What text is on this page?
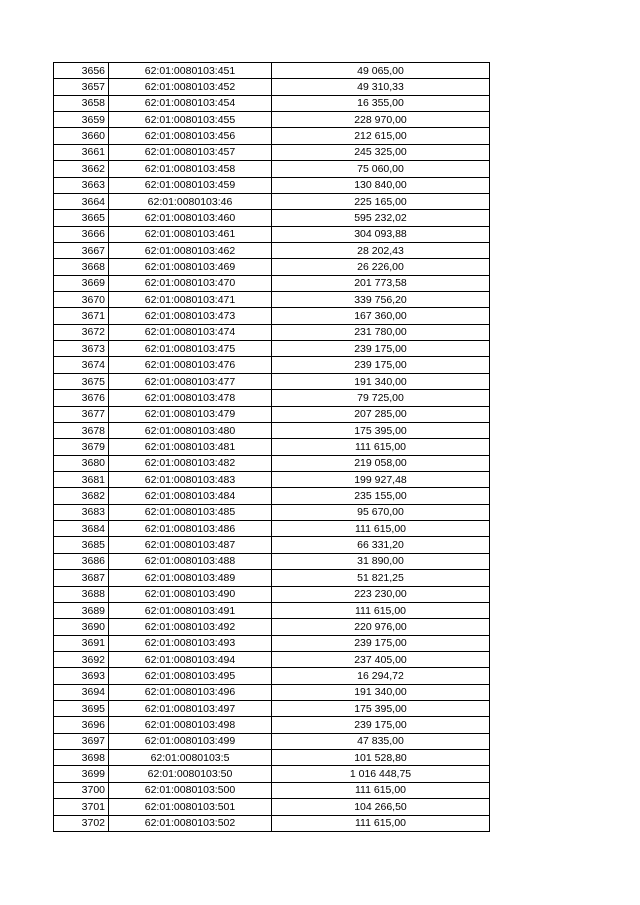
3656	62:01:0080103:451	49 065,00
3657	62:01:0080103:452	49 310,33
3658	62:01:0080103:454	16 355,00
3659	62:01:0080103:455	228 970,00
3660	62:01:0080103:456	212 615,00
3661	62:01:0080103:457	245 325,00
3662	62:01:0080103:458	75 060,00
3663	62:01:0080103:459	130 840,00
3664	62:01:0080103:46	225 165,00
3665	62:01:0080103:460	595 232,02
3666	62:01:0080103:461	304 093,88
3667	62:01:0080103:462	28 202,43
3668	62:01:0080103:469	26 226,00
3669	62:01:0080103:470	201 773,58
3670	62:01:0080103:471	339 756,20
3671	62:01:0080103:473	167 360,00
3672	62:01:0080103:474	231 780,00
3673	62:01:0080103:475	239 175,00
3674	62:01:0080103:476	239 175,00
3675	62:01:0080103:477	191 340,00
3676	62:01:0080103:478	79 725,00
3677	62:01:0080103:479	207 285,00
3678	62:01:0080103:480	175 395,00
3679	62:01:0080103:481	111 615,00
3680	62:01:0080103:482	219 058,00
3681	62:01:0080103:483	199 927,48
3682	62:01:0080103:484	235 155,00
3683	62:01:0080103:485	95 670,00
3684	62:01:0080103:486	111 615,00
3685	62:01:0080103:487	66 331,20
3686	62:01:0080103:488	31 890,00
3687	62:01:0080103:489	51 821,25
3688	62:01:0080103:490	223 230,00
3689	62:01:0080103:491	111 615,00
3690	62:01:0080103:492	220 976,00
3691	62:01:0080103:493	239 175,00
3692	62:01:0080103:494	237 405,00
3693	62:01:0080103:495	16 294,72
3694	62:01:0080103:496	191 340,00
3695	62:01:0080103:497	175 395,00
3696	62:01:0080103:498	239 175,00
3697	62:01:0080103:499	47 835,00
3698	62:01:0080103:5	101 528,80
3699	62:01:0080103:50	1 016 448,75
3700	62:01:0080103:500	111 615,00
3701	62:01:0080103:501	104 266,50
3702	62:01:0080103:502	111 615,00
